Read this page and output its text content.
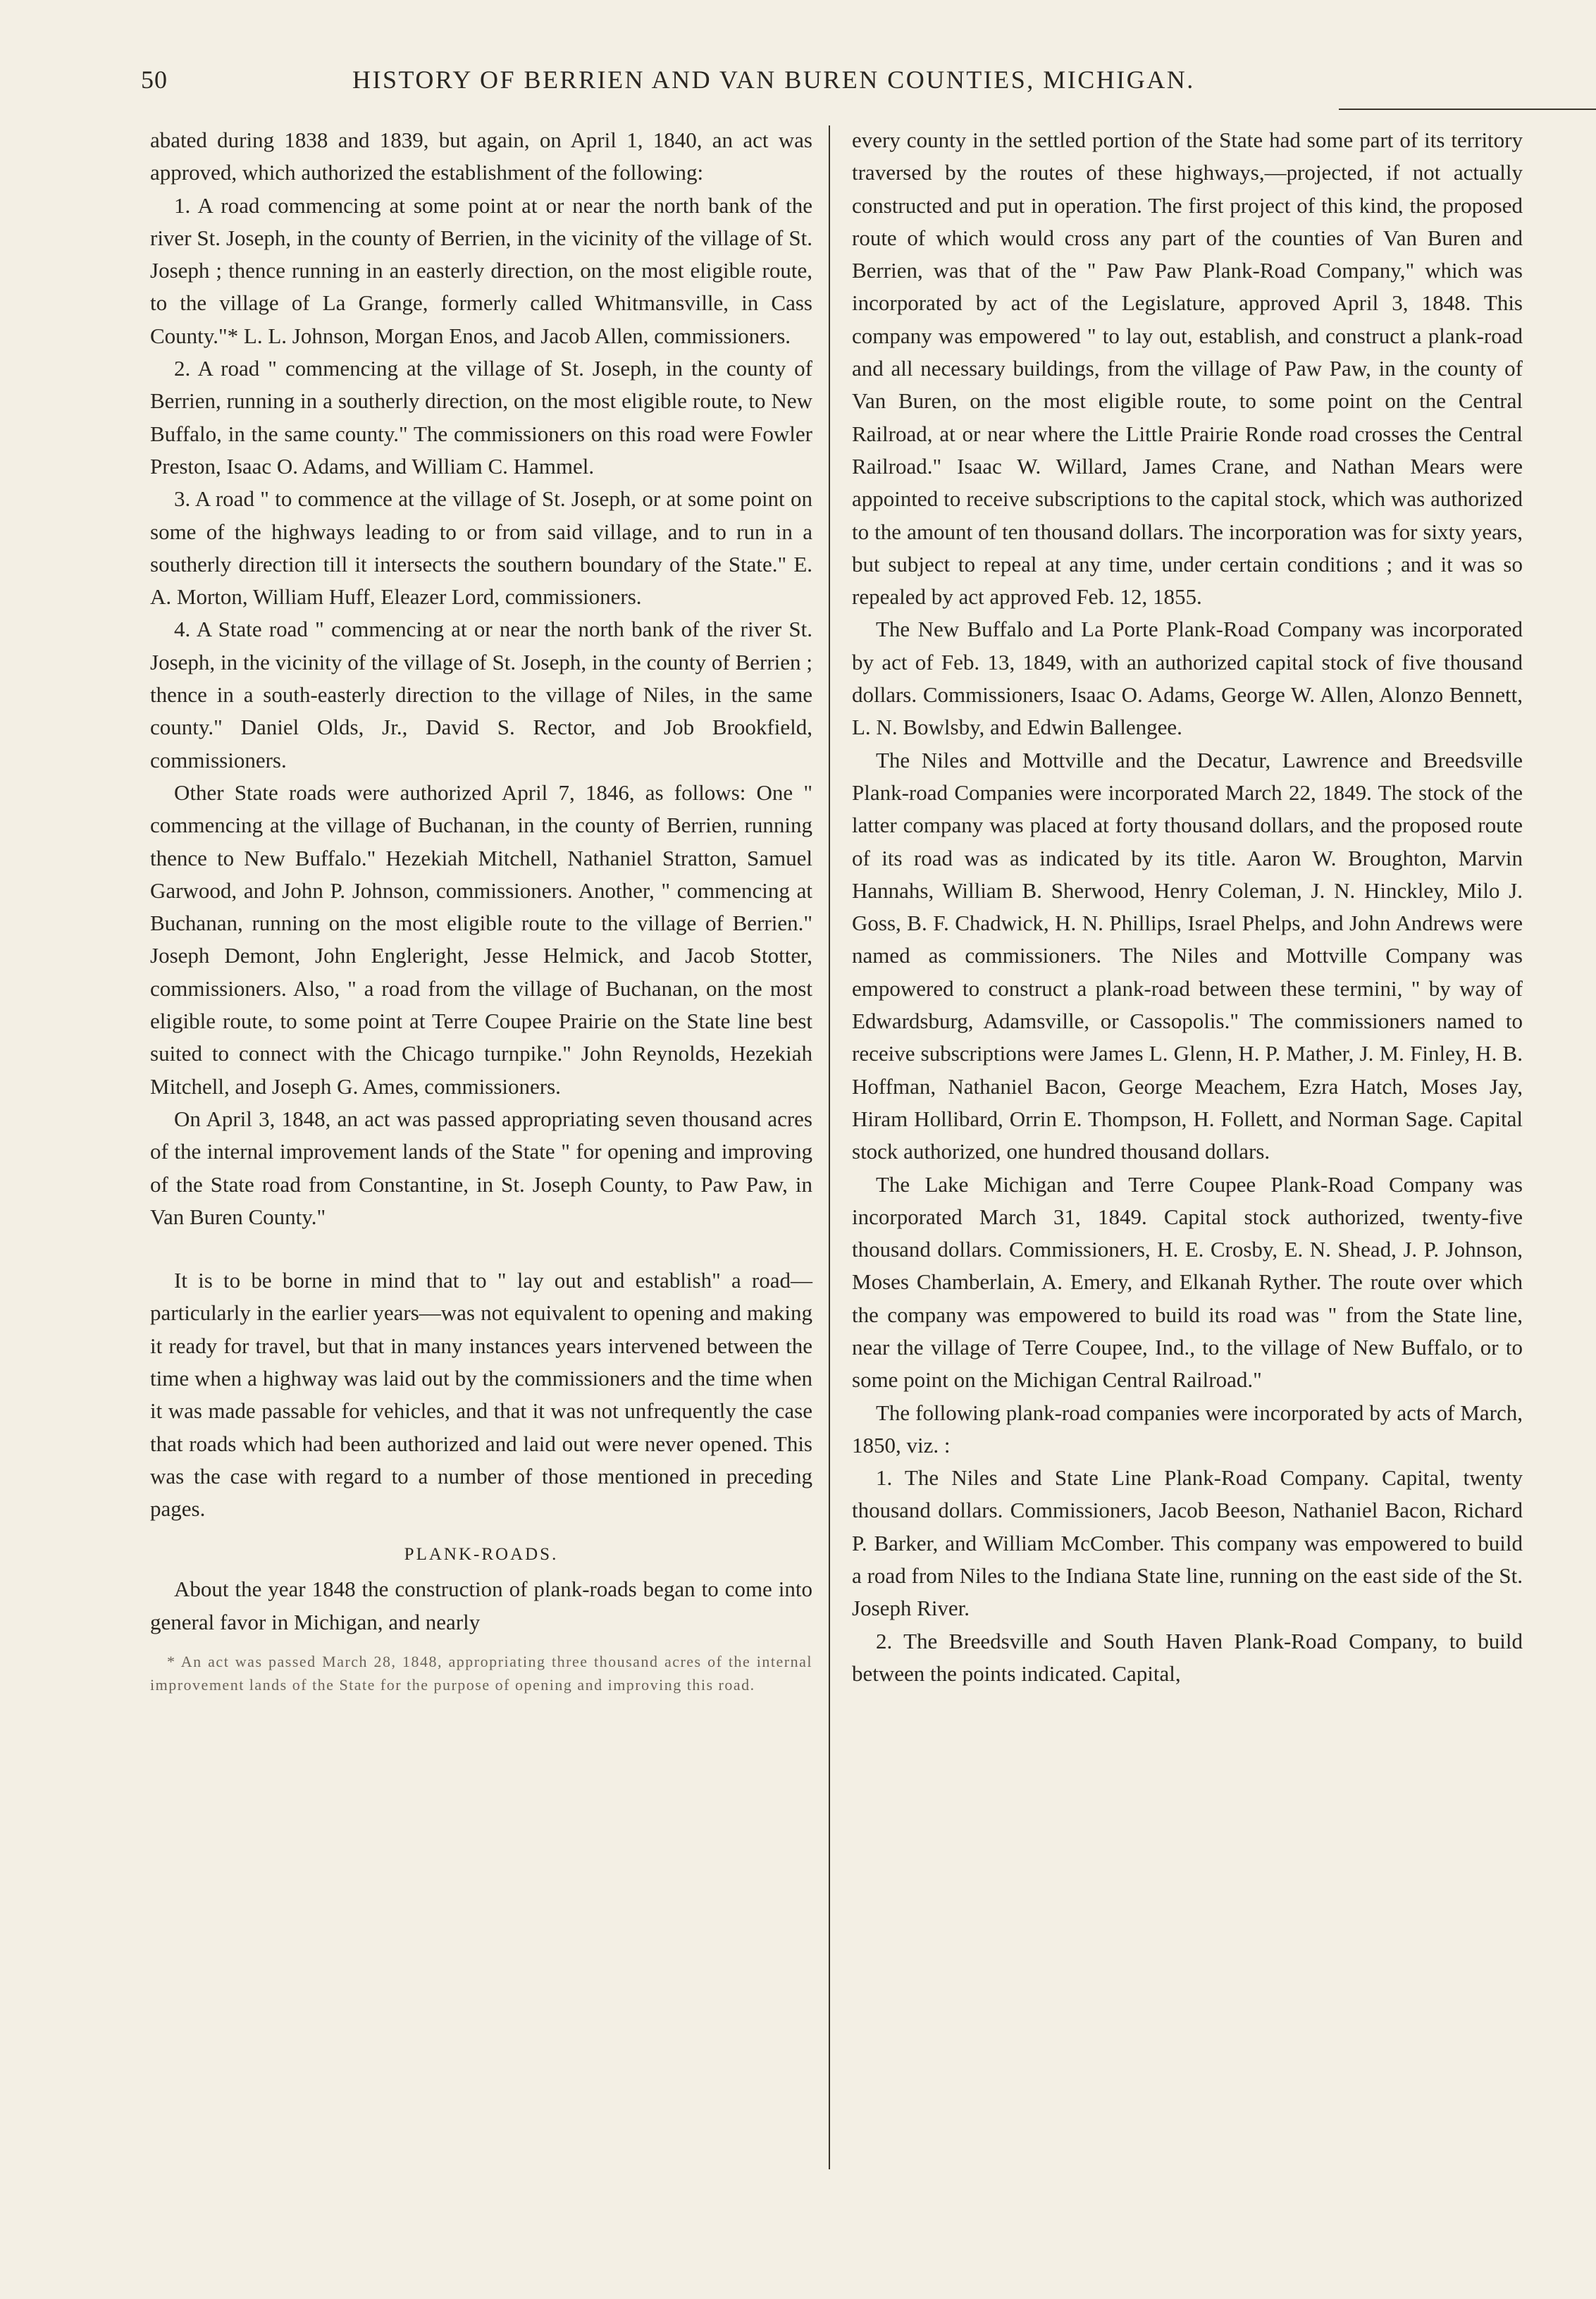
50	HISTORY OF BERRIEN AND VAN BUREN COUNTIES, MICHIGAN.

abated during 1838 and 1839, but again, on April 1, 1840, an act was approved, which authorized the establishment of the following:

1. A road commencing at some point at or near the north bank of the river St. Joseph, in the county of Berrien, in the vicinity of the village of St. Joseph ; thence running in an easterly direction, on the most eligible route, to the village of La Grange, formerly called Whitmansville, in Cass County."* L. L. Johnson, Morgan Enos, and Jacob Allen, commissioners.

2. A road " commencing at the village of St. Joseph, in the county of Berrien, running in a southerly direction, on the most eligible route, to New Buffalo, in the same county." The commissioners on this road were Fowler Preston, Isaac O. Adams, and William C. Hammel.

3. A road " to commence at the village of St. Joseph, or at some point on some of the highways leading to or from said village, and to run in a southerly direction till it intersects the southern boundary of the State." E. A. Morton, William Huff, Eleazer Lord, commissioners.

4. A State road " commencing at or near the north bank of the river St. Joseph, in the vicinity of the village of St. Joseph, in the county of Berrien ; thence in a south-easterly direction to the village of Niles, in the same county." Daniel Olds, Jr., David S. Rector, and Job Brookfield, commissioners.

Other State roads were authorized April 7, 1846, as follows: One " commencing at the village of Buchanan, in the county of Berrien, running thence to New Buffalo." Hezekiah Mitchell, Nathaniel Stratton, Samuel Garwood, and John P. Johnson, commissioners. Another, " commencing at Buchanan, running on the most eligible route to the village of Berrien." Joseph Demont, John Engleright, Jesse Helmick, and Jacob Stotter, commissioners. Also, " a road from the village of Buchanan, on the most eligible route, to some point at Terre Coupee Prairie on the State line best suited to connect with the Chicago turnpike." John Reynolds, Hezekiah Mitchell, and Joseph G. Ames, commissioners.

On April 3, 1848, an act was passed appropriating seven thousand acres of the internal improvement lands of the State " for opening and improving of the State road from Constantine, in St. Joseph County, to Paw Paw, in Van Buren County."

It is to be borne in mind that to " lay out and establish" a road—particularly in the earlier years—was not equivalent to opening and making it ready for travel, but that in many instances years intervened between the time when a highway was laid out by the commissioners and the time when it was made passable for vehicles, and that it was not unfrequently the case that roads which had been authorized and laid out were never opened. This was the case with regard to a number of those mentioned in preceding pages.

PLANK-ROADS.

About the year 1848 the construction of plank-roads began to come into general favor in Michigan, and nearly

* An act was passed March 28, 1848, appropriating three thousand acres of the internal improvement lands of the State for the purpose of opening and improving this road.

every county in the settled portion of the State had some part of its territory traversed by the routes of these highways,—projected, if not actually constructed and put in operation. The first project of this kind, the proposed route of which would cross any part of the counties of Van Buren and Berrien, was that of the " Paw Paw Plank-Road Company," which was incorporated by act of the Legislature, approved April 3, 1848. This company was empowered " to lay out, establish, and construct a plank-road and all necessary buildings, from the village of Paw Paw, in the county of Van Buren, on the most eligible route, to some point on the Central Railroad, at or near where the Little Prairie Ronde road crosses the Central Railroad." Isaac W. Willard, James Crane, and Nathan Mears were appointed to receive subscriptions to the capital stock, which was authorized to the amount of ten thousand dollars. The incorporation was for sixty years, but subject to repeal at any time, under certain conditions ; and it was so repealed by act approved Feb. 12, 1855.

The New Buffalo and La Porte Plank-Road Company was incorporated by act of Feb. 13, 1849, with an authorized capital stock of five thousand dollars. Commissioners, Isaac O. Adams, George W. Allen, Alonzo Bennett, L. N. Bowlsby, and Edwin Ballengee.

The Niles and Mottville and the Decatur, Lawrence and Breedsville Plank-road Companies were incorporated March 22, 1849. The stock of the latter company was placed at forty thousand dollars, and the proposed route of its road was as indicated by its title. Aaron W. Broughton, Marvin Hannahs, William B. Sherwood, Henry Coleman, J. N. Hinckley, Milo J. Goss, B. F. Chadwick, H. N. Phillips, Israel Phelps, and John Andrews were named as commissioners. The Niles and Mottville Company was empowered to construct a plank-road between these termini, " by way of Edwardsburg, Adamsville, or Cassopolis." The commissioners named to receive subscriptions were James L. Glenn, H. P. Mather, J. M. Finley, H. B. Hoffman, Nathaniel Bacon, George Meachem, Ezra Hatch, Moses Jay, Hiram Hollibard, Orrin E. Thompson, H. Follett, and Norman Sage. Capital stock authorized, one hundred thousand dollars.

The Lake Michigan and Terre Coupee Plank-Road Company was incorporated March 31, 1849. Capital stock authorized, twenty-five thousand dollars. Commissioners, H. E. Crosby, E. N. Shead, J. P. Johnson, Moses Chamberlain, A. Emery, and Elkanah Ryther. The route over which the company was empowered to build its road was " from the State line, near the village of Terre Coupee, Ind., to the village of New Buffalo, or to some point on the Michigan Central Railroad."

The following plank-road companies were incorporated by acts of March, 1850, viz. :

1. The Niles and State Line Plank-Road Company. Capital, twenty thousand dollars. Commissioners, Jacob Beeson, Nathaniel Bacon, Richard P. Barker, and William McComber. This company was empowered to build a road from Niles to the Indiana State line, running on the east side of the St. Joseph River.

2. The Breedsville and South Haven Plank-Road Company, to build between the points indicated. Capital,
